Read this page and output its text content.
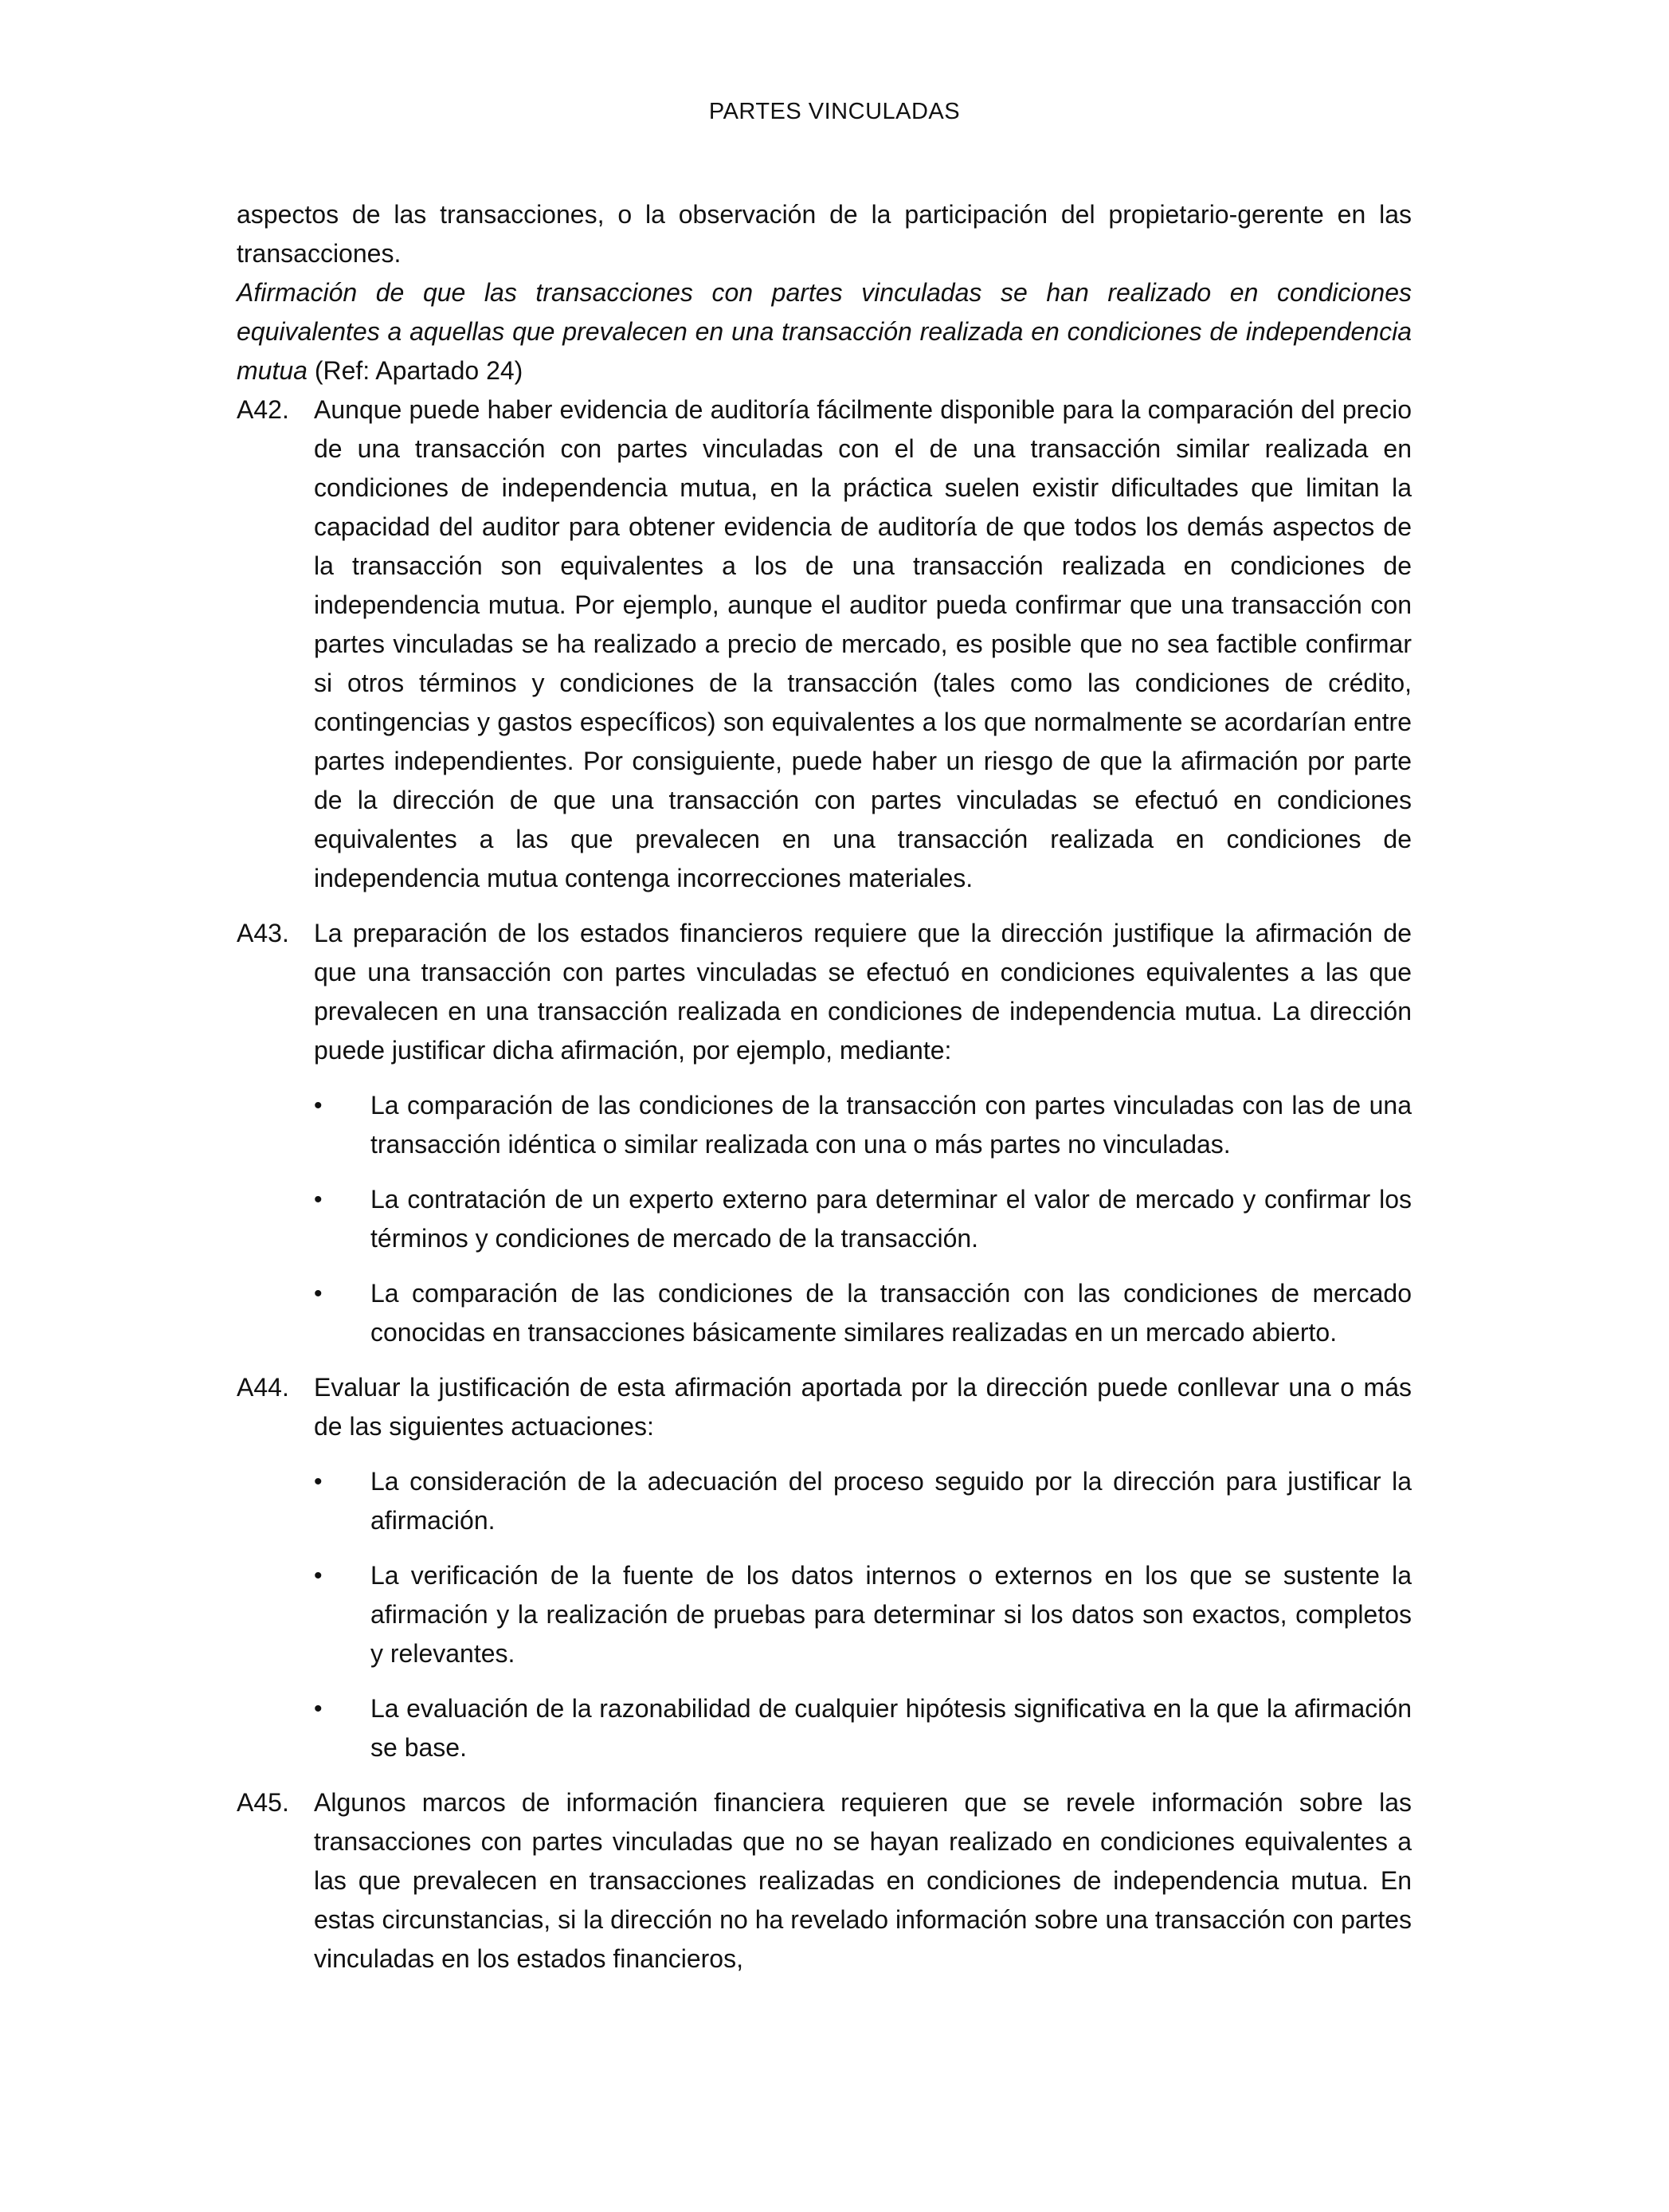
PARTES VINCULADAS

aspectos de las transacciones, o la observación de la participación del propietario-gerente en las transacciones.

Afirmación de que las transacciones con partes vinculadas se han realizado en condiciones equivalentes a aquellas que prevalecen en una transacción realizada en condiciones de independencia mutua (Ref: Apartado 24)

A42. Aunque puede haber evidencia de auditoría fácilmente disponible para la comparación del precio de una transacción con partes vinculadas con el de una transacción similar realizada en condiciones de independencia mutua, en la práctica suelen existir dificultades que limitan la capacidad del auditor para obtener evidencia de auditoría de que todos los demás aspectos de la transacción son equivalentes a los de una transacción realizada en condiciones de independencia mutua. Por ejemplo, aunque el auditor pueda confirmar que una transacción con partes vinculadas se ha realizado a precio de mercado, es posible que no sea factible confirmar si otros términos y condiciones de la transacción (tales como las condiciones de crédito, contingencias y gastos específicos) son equivalentes a los que normalmente se acordarían entre partes independientes. Por consiguiente, puede haber un riesgo de que la afirmación por parte de la dirección de que una transacción con partes vinculadas se efectuó en condiciones equivalentes a las que prevalecen en una transacción realizada en condiciones de independencia mutua contenga incorrecciones materiales.

A43. La preparación de los estados financieros requiere que la dirección justifique la afirmación de que una transacción con partes vinculadas se efectuó en condiciones equivalentes a las que prevalecen en una transacción realizada en condiciones de independencia mutua. La dirección puede justificar dicha afirmación, por ejemplo, mediante:

• La comparación de las condiciones de la transacción con partes vinculadas con las de una transacción idéntica o similar realizada con una o más partes no vinculadas.

• La contratación de un experto externo para determinar el valor de mercado y confirmar los términos y condiciones de mercado de la transacción.

• La comparación de las condiciones de la transacción con las condiciones de mercado conocidas en transacciones básicamente similares realizadas en un mercado abierto.

A44. Evaluar la justificación de esta afirmación aportada por la dirección puede conllevar una o más de las siguientes actuaciones:

• La consideración de la adecuación del proceso seguido por la dirección para justificar la afirmación.

• La verificación de la fuente de los datos internos o externos en los que se sustente la afirmación y la realización de pruebas para determinar si los datos son exactos, completos y relevantes.

• La evaluación de la razonabilidad de cualquier hipótesis significativa en la que la afirmación se base.

A45. Algunos marcos de información financiera requieren que se revele información sobre las transacciones con partes vinculadas que no se hayan realizado en condiciones equivalentes a las que prevalecen en transacciones realizadas en condiciones de independencia mutua. En estas circunstancias, si la dirección no ha revelado información sobre una transacción con partes vinculadas en los estados financieros,
